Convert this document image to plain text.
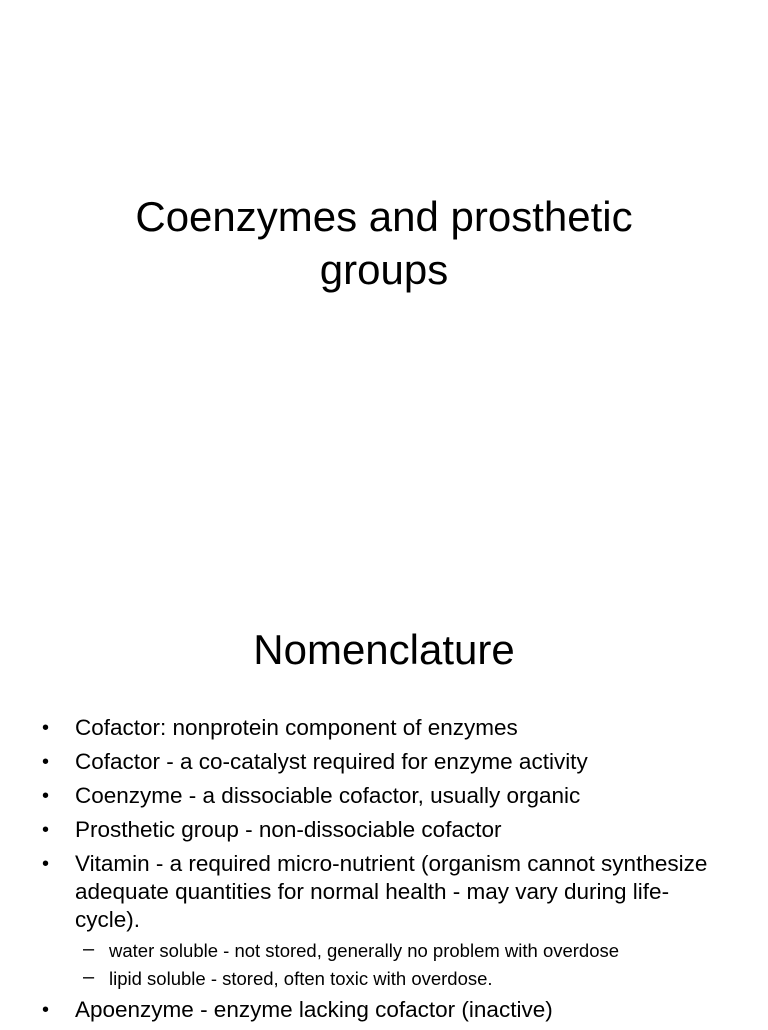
Coenzymes and prosthetic
groups
Nomenclature
• Cofactor: nonprotein component of enzymes
• Cofactor - a co-catalyst required for enzyme activity
• Coenzyme - a dissociable cofactor, usually organic
• Prosthetic group - non-dissociable cofactor
• Vitamin - a required micro-nutrient (organism cannot synthesize adequate quantities for normal health - may vary during life-cycle).
– water soluble - not stored, generally no problem with overdose
– lipid soluble - stored, often toxic with overdose.
• Apoenzyme - enzyme lacking cofactor (inactive)
